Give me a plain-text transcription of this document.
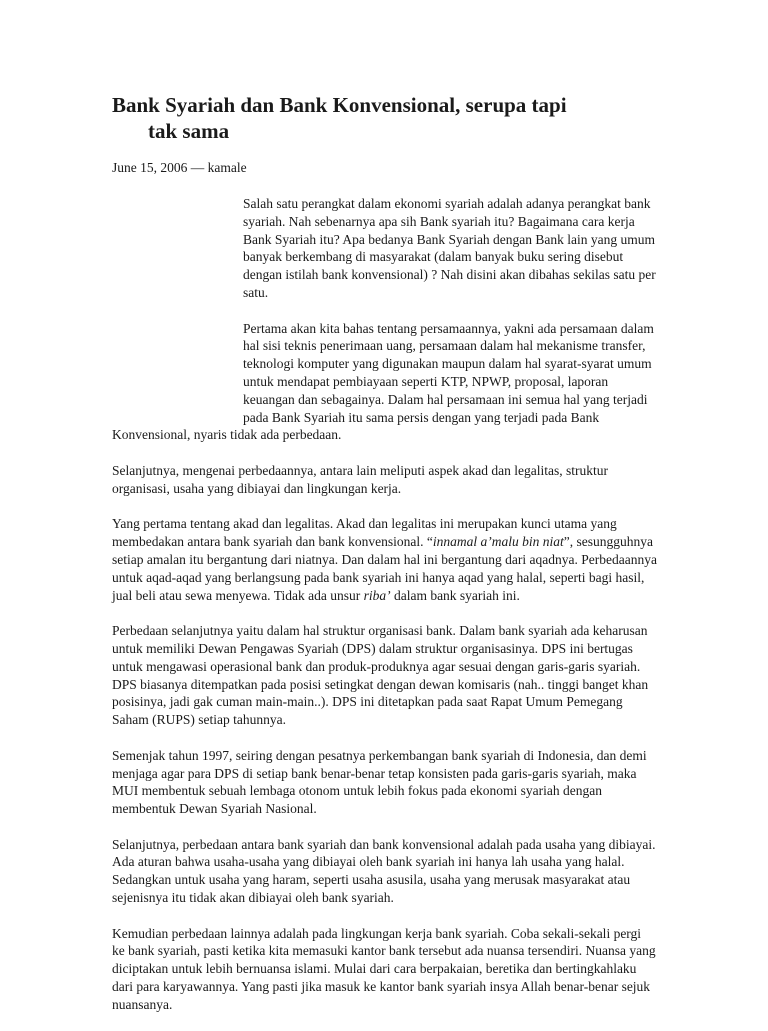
Bank Syariah dan Bank Konvensional, serupa tapi
tak sama
June 15, 2006 — kamale

Salah satu perangkat dalam ekonomi syariah adalah adanya perangkat bank syariah. Nah sebenarnya apa sih Bank syariah itu? Bagaimana cara kerja Bank Syariah itu? Apa bedanya Bank Syariah dengan Bank lain yang umum banyak berkembang di masyarakat (dalam banyak buku sering disebut dengan istilah bank konvensional) ? Nah disini akan dibahas sekilas satu per satu.

Pertama akan kita bahas tentang persamaannya, yakni ada persamaan dalam hal sisi teknis penerimaan uang, persamaan dalam hal mekanisme transfer, teknologi komputer yang digunakan maupun dalam hal syarat-syarat umum untuk mendapat pembiayaan seperti KTP, NPWP, proposal, laporan keuangan dan sebagainya. Dalam hal persamaan ini semua hal yang terjadi pada Bank Syariah itu sama persis dengan yang terjadi pada Bank Konvensional, nyaris tidak ada perbedaan.

Selanjutnya, mengenai perbedaannya, antara lain meliputi aspek akad dan legalitas, struktur organisasi, usaha yang dibiayai dan lingkungan kerja.

Yang pertama tentang akad dan legalitas. Akad dan legalitas ini merupakan kunci utama yang membedakan antara bank syariah dan bank konvensional. “innamal a’malu bin niat”, sesungguhnya setiap amalan itu bergantung dari niatnya. Dan dalam hal ini bergantung dari aqadnya. Perbedaannya untuk aqad-aqad yang berlangsung pada bank syariah ini hanya aqad yang halal, seperti bagi hasil, jual beli atau sewa menyewa. Tidak ada unsur riba’ dalam bank syariah ini.

Perbedaan selanjutnya yaitu dalam hal struktur organisasi bank. Dalam bank syariah ada keharusan untuk memiliki Dewan Pengawas Syariah (DPS) dalam struktur organisasinya. DPS ini bertugas untuk mengawasi operasional bank dan produk-produknya agar sesuai dengan garis-garis syariah. DPS biasanya ditempatkan pada posisi setingkat dengan dewan komisaris (nah.. tinggi banget khan posisinya, jadi gak cuman main-main..). DPS ini ditetapkan pada saat Rapat Umum Pemegang Saham (RUPS) setiap tahunnya.

Semenjak tahun 1997, seiring dengan pesatnya perkembangan bank syariah di Indonesia, dan demi menjaga agar para DPS di setiap bank benar-benar tetap konsisten pada garis-garis syariah, maka MUI membentuk sebuah lembaga otonom untuk lebih fokus pada ekonomi syariah dengan membentuk Dewan Syariah Nasional.

Selanjutnya, perbedaan antara bank syariah dan bank konvensional adalah pada usaha yang dibiayai. Ada aturan bahwa usaha-usaha yang dibiayai oleh bank syariah ini hanya lah usaha yang halal. Sedangkan untuk usaha yang haram, seperti usaha asusila, usaha yang merusak masyarakat atau sejenisnya itu tidak akan dibiayai oleh bank syariah.

Kemudian perbedaan lainnya adalah pada lingkungan kerja bank syariah. Coba sekali-sekali pergi ke bank syariah, pasti ketika kita memasuki kantor bank tersebut ada nuansa tersendiri. Nuansa yang diciptakan untuk lebih bernuansa islami. Mulai dari cara berpakaian, beretika dan bertingkahlaku dari para karyawannya. Yang pasti jika masuk ke kantor bank syariah insya Allah benar-benar sejuk nuansanya.
